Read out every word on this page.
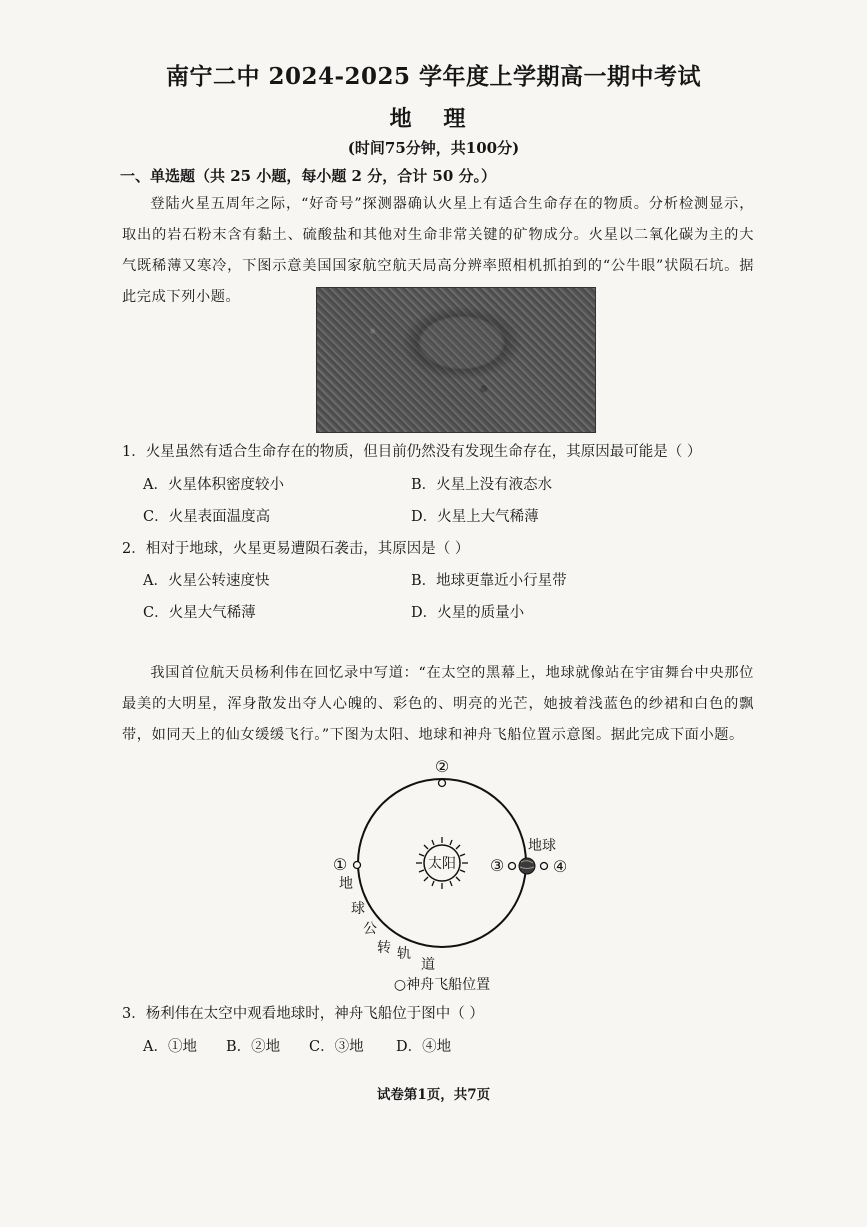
南宁二中 2024-2025 学年度上学期高一期中考试
地 理
(时间75分钟，共100分)
一、单选题（共 25 小题，每小题 2 分，合计 50 分。）
登陆火星五周年之际，“好奇号”探测器确认火星上有适合生命存在的物质。分析检测显示，取出的岩石粉末含有黏土、硫酸盐和其他对生命非常关键的矿物成分。火星以二氧化碳为主的大气既稀薄又寒冷，下图示意美国国家航空航天局高分辨率照相机抓拍到的“公牛眼”状陨石坑。据此完成下列小题。
1．火星虽然有适合生命存在的物质，但目前仍然没有发现生命存在，其原因最可能是（ ）
A．火星体积密度较小	B．火星上没有液态水
C．火星表面温度高	D．火星上大气稀薄
2．相对于地球，火星更易遭陨石袭击，其原因是（ ）
A．火星公转速度快	B．地球更靠近小行星带
C．火星大气稀薄	D．火星的质量小
我国首位航天员杨利伟在回忆录中写道：“在太空的黑幕上，地球就像站在宇宙舞台中央那位最美的大明星，浑身散发出夺人心魄的、彩色的、明亮的光芒，她披着浅蓝色的纱裙和白色的飘带，如同天上的仙女缓缓飞行。”下图为太阳、地球和神舟飞船位置示意图。据此完成下面小题。
太阳
②
①	③	④
地球
地
球
公
转 轨
道
○神舟飞船位置
3．杨利伟在太空中观看地球时，神舟飞船位于图中（ ）
A．①地 B．②地 C．③地 D．④地
试卷第1页，共7页
